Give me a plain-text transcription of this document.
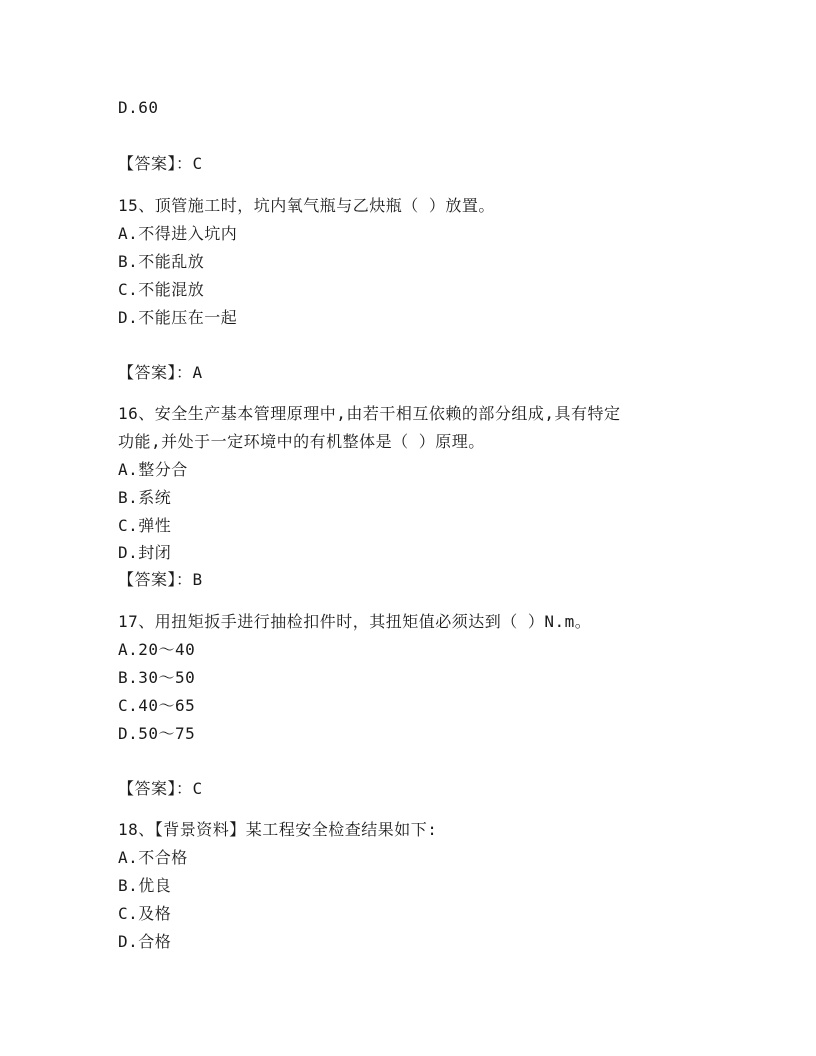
D.60
【答案】：C
15、顶管施工时，坑内氧气瓶与乙炔瓶（ ）放置。
A.不得进入坑内
B.不能乱放
C.不能混放
D.不能压在一起
【答案】：A
16、安全生产基本管理原理中,由若干相互依赖的部分组成,具有特定
功能,并处于一定环境中的有机整体是（ ）原理。
A.整分合
B.系统
C.弹性
D.封闭
【答案】：B
17、用扭矩扳手进行抽检扣件时，其扭矩值必须达到（ ）N.m。
A.20～40
B.30～50
C.40～65
D.50～75
【答案】：C
18、【背景资料】某工程安全检查结果如下:
A.不合格
B.优良
C.及格
D.合格
